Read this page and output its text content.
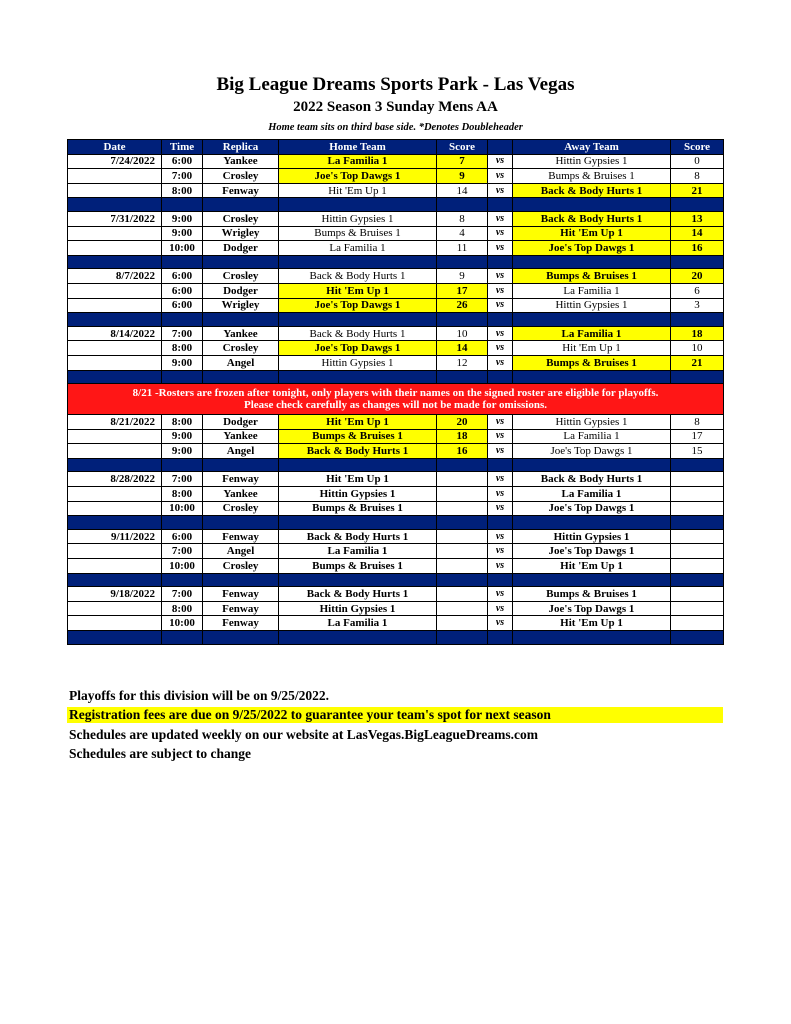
Big League Dreams Sports Park - Las Vegas
2022 Season 3 Sunday Mens AA
Home team sits on third base side. *Denotes Doubleheader
Date	Time	Replica	Home Team	Score		Away Team	Score
7/24/2022	6:00	Yankee	La Familia 1	7	vs	Hittin Gypsies 1	0
	7:00	Crosley	Joe's Top Dawgs 1	9	vs	Bumps & Bruises 1	8
	8:00	Fenway	Hit 'Em Up 1	14	vs	Back & Body Hurts 1	21

7/31/2022	9:00	Crosley	Hittin Gypsies 1	8	vs	Back & Body Hurts 1	13
	9:00	Wrigley	Bumps & Bruises 1	4	vs	Hit 'Em Up 1	14
	10:00	Dodger	La Familia 1	11	vs	Joe's Top Dawgs 1	16

8/7/2022	6:00	Crosley	Back & Body Hurts 1	9	vs	Bumps & Bruises 1	20
	6:00	Dodger	Hit 'Em Up 1	17	vs	La Familia 1	6
	6:00	Wrigley	Joe's Top Dawgs 1	26	vs	Hittin Gypsies 1	3

8/14/2022	7:00	Yankee	Back & Body Hurts 1	10	vs	La Familia 1	18
	8:00	Crosley	Joe's Top Dawgs 1	14	vs	Hit 'Em Up 1	10
	9:00	Angel	Hittin Gypsies 1	12	vs	Bumps & Bruises 1	21

8/21 -Rosters are frozen after tonight, only players with their names on the signed roster are eligible for playoffs.
Please check carefully as changes will not be made for omissions.							

8/21/2022	8:00	Dodger	Hit 'Em Up 1	20	vs	Hittin Gypsies 1	8
	9:00	Yankee	Bumps & Bruises 1	18	vs	La Familia 1	17
	9:00	Angel	Back & Body Hurts 1	16	vs	Joe's Top Dawgs 1	15

8/28/2022	7:00	Fenway	Hit 'Em Up 1		vs	Back & Body Hurts 1	
	8:00	Yankee	Hittin Gypsies 1		vs	La Familia 1	
	10:00	Crosley	Bumps & Bruises 1		vs	Joe's Top Dawgs 1	

9/11/2022	6:00	Fenway	Back & Body Hurts 1		vs	Hittin Gypsies 1	
	7:00	Angel	La Familia 1		vs	Joe's Top Dawgs 1	
	10:00	Crosley	Bumps & Bruises 1		vs	Hit 'Em Up 1	

9/18/2022	7:00	Fenway	Back & Body Hurts 1		vs	Bumps & Bruises 1	
	8:00	Fenway	Hittin Gypsies 1		vs	Joe's Top Dawgs 1	
	10:00	Fenway	La Familia 1		vs	Hit 'Em Up 1	

Playoffs for this division will be on 9/25/2022.
Registration fees are due on 9/25/2022 to guarantee your team's spot for next season
Schedules are updated weekly on our website at LasVegas.BigLeagueDreams.com
Schedules are subject to change
